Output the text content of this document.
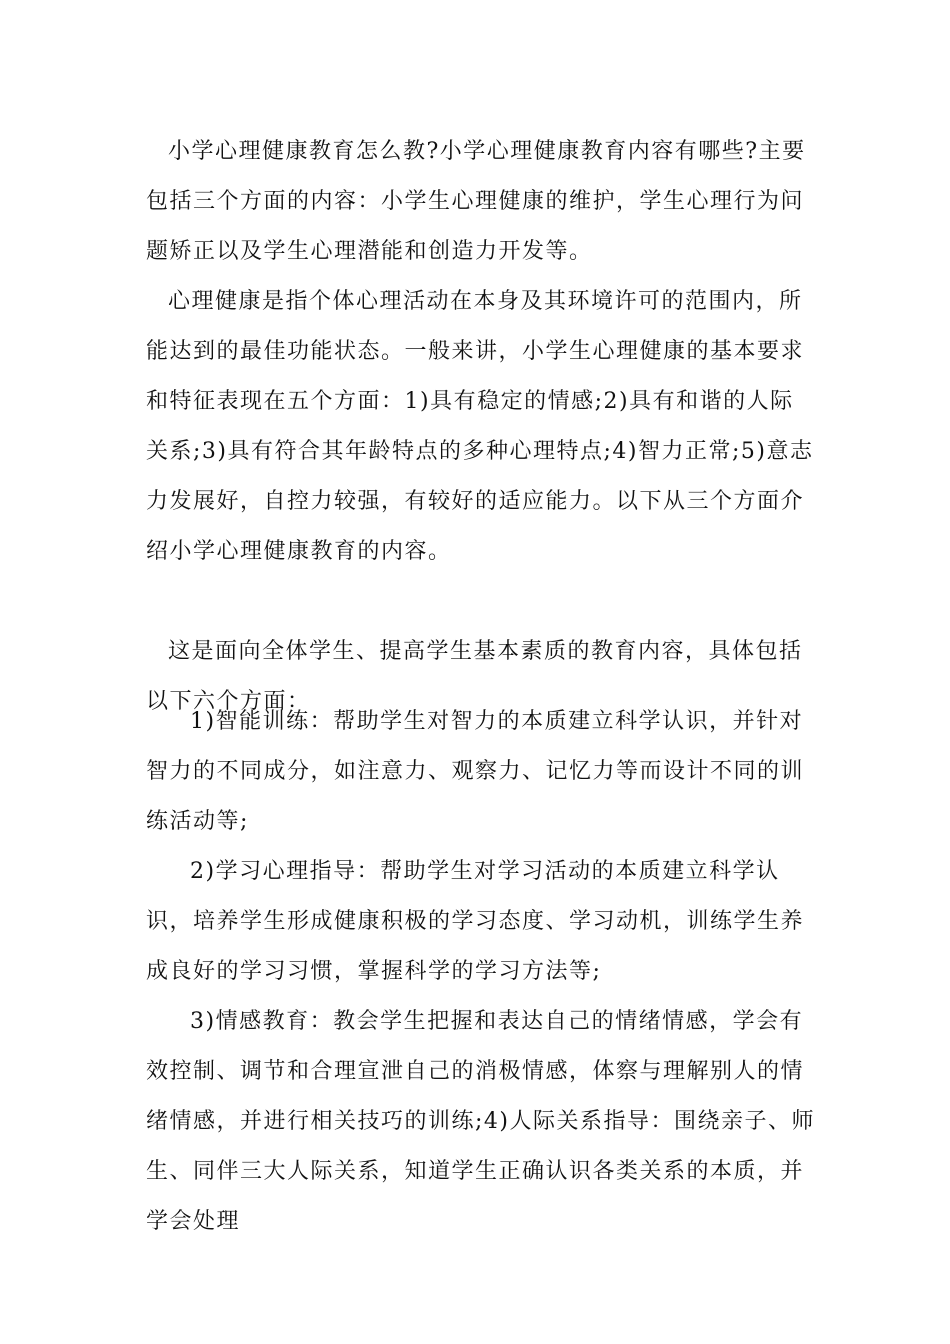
小学心理健康教育怎么教?小学心理健康教育内容有哪些?主要包括三个方面的内容：小学生心理健康的维护，学生心理行为问题矫正以及学生心理潜能和创造力开发等。

心理健康是指个体心理活动在本身及其环境许可的范围内，所能达到的最佳功能状态。一般来讲，小学生心理健康的基本要求和特征表现在五个方面：1)具有稳定的情感;2)具有和谐的人际关系;3)具有符合其年龄特点的多种心理特点;4)智力正常;5)意志力发展好，自控力较强，有较好的适应能力。以下从三个方面介绍小学心理健康教育的内容。

这是面向全体学生、提高学生基本素质的教育内容，具体包括以下六个方面：

1)智能训练：帮助学生对智力的本质建立科学认识，并针对智力的不同成分，如注意力、观察力、记忆力等而设计不同的训练活动等;

2)学习心理指导：帮助学生对学习活动的本质建立科学认识，培养学生形成健康积极的学习态度、学习动机，训练学生养成良好的学习习惯，掌握科学的学习方法等;

3)情感教育：教会学生把握和表达自己的情绪情感，学会有效控制、调节和合理宣泄自己的消极情感，体察与理解别人的情绪情感，并进行相关技巧的训练;4)人际关系指导：围绕亲子、师生、同伴三大人际关系，知道学生正确认识各类关系的本质，并学会处理
